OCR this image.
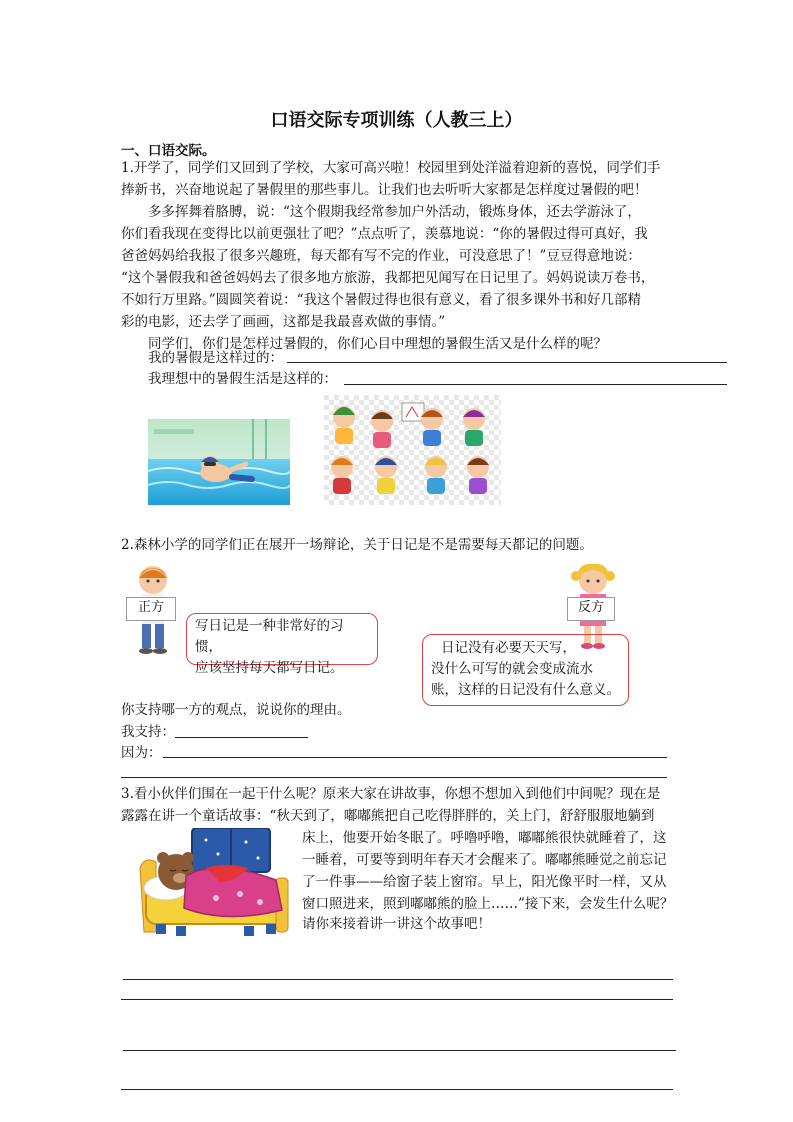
口语交际专项训练（人教三上）
一、口语交际。
1.开学了，同学们又回到了学校，大家可高兴啦！校园里到处洋溢着迎新的喜悦，同学们手
捧新书，兴奋地说起了暑假里的那些事儿。让我们也去听听大家都是怎样度过暑假的吧！
多多挥舞着胳膊，说：“这个假期我经常参加户外活动，锻炼身体，还去学游泳了，
你们看我现在变得比以前更强壮了吧？”点点听了，羡慕地说：“你的暑假过得可真好，我
爸爸妈妈给我报了很多兴趣班，每天都有写不完的作业，可没意思了！”豆豆得意地说：
“这个暑假我和爸爸妈妈去了很多地方旅游，我都把见闻写在日记里了。妈妈说读万卷书，
不如行万里路。”圆圆笑着说：“我这个暑假过得也很有意义，看了很多课外书和好几部精
彩的电影，还去学了画画，这都是我最喜欢做的事情。”
同学们，你们是怎样过暑假的，你们心目中理想的暑假生活又是什么样的呢？
我的暑假是这样过的：
我理想中的暑假生活是这样的：
2.森林小学的同学们正在展开一场辩论，关于日记是不是需要每天都记的问题。
正方	反方
写日记是一种非常好的习惯，
应该坚持每天都写日记。
日记没有必要天天写，
没什么可写的就会变成流水
账，这样的日记没有什么意义。
你支持哪一方的观点，说说你的理由。
我支持：
因为：
3.看小伙伴们围在一起干什么呢？原来大家在讲故事，你想不想加入到他们中间呢？现在是
露露在讲一个童话故事：“秋天到了，嘟嘟熊把自己吃得胖胖的，关上门，舒舒服服地躺到
床上，他要开始冬眠了。呼噜呼噜，嘟嘟熊很快就睡着了，这
一睡着，可要等到明年春天才会醒来了。嘟嘟熊睡觉之前忘记
了一件事——给窗子装上窗帘。早上，阳光像平时一样，又从
窗口照进来，照到嘟嘟熊的脸上……”接下来，会发生什么呢？
请你来接着讲一讲这个故事吧！
